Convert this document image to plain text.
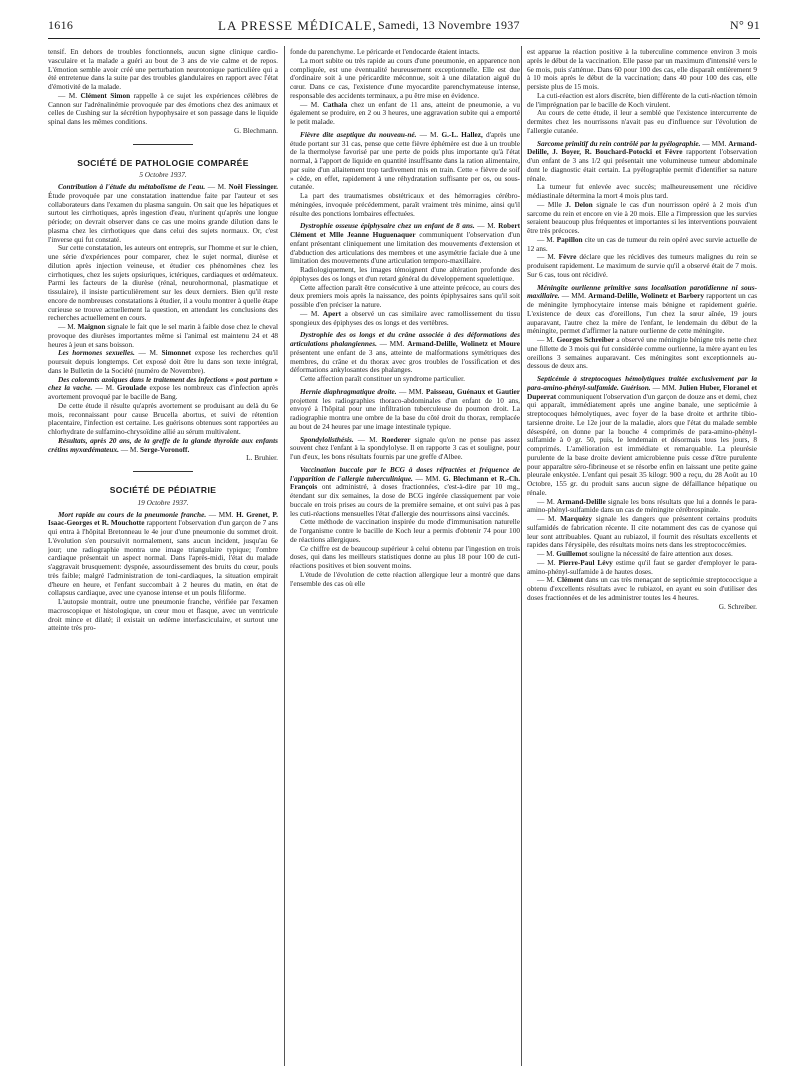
1616	LA PRESSE MÉDICALE, Samedi, 13 Novembre 1937	N° 91

tensif. En dehors de troubles fonctionnels, aucun signe clinique cardio-vasculaire et la malade a guéri au bout de 3 ans de vie calme et de repos. L'émotion semble avoir créé une perturbation neurotonique particulière qui a été entretenue dans la suite par des troubles glandulaires en rapport avec l'état d'émotivité de la malade.

— M. Clément Simon rappelle à ce sujet les expériences célèbres de Cannon sur l'adrénalinémie provoquée par des émotions chez des animaux et celles de Cushing sur la sécrétion hypophysaire et son passage dans le liquide spinal dans les mêmes conditions.

G. Blechmann.

SOCIÉTÉ DE PATHOLOGIE COMPARÉE
5 Octobre 1937.

Contribution à l'étude du métabolisme de l'eau. — M. Noël Fiessinger. Étude provoquée par une constatation inattendue faite par l'auteur et ses collaborateurs dans l'examen du plasma sanguin. On sait que les hépatiques et surtout les cirrhotiques, après ingestion d'eau, n'urinent qu'après une longue période; on devrait observer dans ce cas une moins grande dilution dans le plasma chez les cirrhotiques que dans celui des sujets normaux. Or, c'est l'inverse qui fut constaté.

Sur cette constatation, les auteurs ont entrepris, sur l'homme et sur le chien, une série d'expériences pour comparer, chez le sujet normal, diurèse et dilution après injection veineuse, et étudier ces phénomènes chez les cirrhotiques, chez les sujets opsiuriques, ictériques, cardiaques et œdémateux. Parmi les facteurs de la diurèse (rénal, neurohormonal, plasmatique et tissulaire), il insiste particulièrement sur les deux derniers. Bien qu'il reste encore de nombreuses constatations à étudier, il a voulu montrer à quelle étape curieuse se trouve actuellement la question, en attendant les conclusions des recherches actuellement en cours.

— M. Maignon signale le fait que le sel marin à faible dose chez le cheval provoque des diurèses importantes même si l'animal est maintenu 24 et 48 heures à jeun et sans boisson.

Les hormones sexuelles. — M. Simonnet expose les recherches qu'il poursuit depuis longtemps. Cet exposé doit être lu dans son texte intégral, dans le Bulletin de la Société (numéro de Novembre).

Des colorants azoïques dans le traitement des infections « post partum » chez la vache. — M. Groulade expose les nombreux cas d'infection après avortement provoqué par le bacille de Bang.

De cette étude il résulte qu'après avortement se produisant au delà du 6e mois, reconnaissant pour cause Brucella abortus, et suivi de rétention placentaire, l'infection est certaine. Les guérisons obtenues sont rapportées au chlorhydrate de sulfamino-chrysoïdine allié au sérum multivalent.

Résultats, après 20 ans, de la greffe de la glande thyroïde aux enfants crétins myxœdémateux. — M. Serge-Voronoff.

L. Bruhier.

SOCIÉTÉ DE PÉDIATRIE
19 Octobre 1937.

Mort rapide au cours de la pneumonie franche. — MM. H. Grenet, P. Isaac-Georges et R. Mouchotte rapportent l'observation d'un garçon de 7 ans qui entra à l'hôpital Bretonneau le 4e jour d'une pneumonie du sommet droit. L'évolution s'en poursuivit normalement, sans aucun incident, jusqu'au 6e jour; une radiographie montra une image triangulaire typique; l'ombre cardiaque présentait un aspect normal. Dans l'après-midi, l'état du malade s'aggravait brusquement: dyspnée, assourdissement des bruits du cœur, pouls très faible; malgré l'administration de toni-cardiaques, la situation empirait d'heure en heure, et l'enfant succombait à 2 heures du matin, en état de collapsus cardiaque, avec une cyanose intense et un pouls filiforme.

L'autopsie montrait, outre une pneumonie franche, vérifiée par l'examen macroscopique et histologique, un cœur mou et flasque, avec un ventricule droit mince et dilaté; il existait un œdème interfasciculaire, et surtout une atteinte très pro-

fonde du parenchyme. Le péricarde et l'endocarde étaient intacts.

La mort subite ou très rapide au cours d'une pneumonie, en apparence non compliquée, est une éventualité heureusement exceptionnelle. Elle est due d'ordinaire soit à une péricardite méconnue, soit à une dilatation aiguë du cœur. Dans ce cas, l'existence d'une myocardite parenchymateuse intense, responsable des accidents terminaux, a pu être mise en évidence.

— M. Cathala chez un enfant de 11 ans, atteint de pneumonie, a vu également se produire, en 2 ou 3 heures, une aggravation subite qui a emporté le petit malade.

Fièvre dite aseptique du nouveau-né. — M. G.-L. Hallez, d'après une étude portant sur 31 cas, pense que cette fièvre éphémère est due à un trouble de la thermolyse favorisé par une perte de poids plus importante qu'à l'état normal, à l'apport de liquide en quantité insuffisante dans la ration alimentaire, par suite d'un allaitement trop tardivement mis en train. Cette « fièvre de soif » cède, en effet, rapidement à une réhydratation suffisante per os, ou sous-cutanée.

La part des traumatismes obstétricaux et des hémorragies cérébro-méningées, invoquée précédemment, paraît vraiment très minime, ainsi qu'il résulte des ponctions lombaires effectuées.

Dystrophie osseuse épiphysaire chez un enfant de 8 ans. — M. Robert Clément et Mlle Jeanne Huguenaquer communiquent l'observation d'un enfant présentant cliniquement une limitation des mouvements d'extension et d'abduction des articulations des membres et une asymétrie faciale due à une limitation des mouvements d'une articulation temporo-maxillaire.

Radiologiquement, les images témoignent d'une altération profonde des épiphyses des os longs et d'un retard général du développement squelettique.

Cette affection paraît être consécutive à une atteinte précoce, au cours des deux premiers mois après la naissance, des points épiphysaires sans qu'il soit possible d'en préciser la nature.

— M. Apert a observé un cas similaire avec ramollissement du tissu spongieux des épiphyses des os longs et des vertèbres.

Dystrophie des os longs et du crâne associée à des déformations des articulations phalangiennes. — MM. Armand-Delille, Wolinetz et Moure présentent une enfant de 3 ans, atteinte de malformations symétriques des membres, du crâne et du thorax avec gros troubles de l'ossification et des déformations ankylosantes des phalanges.

Cette affection paraît constituer un syndrome particulier.

Hernie diaphragmatique droite. — MM. Paisseau, Guénaux et Gautier projettent les radiographies thoraco-abdominales d'un enfant de 10 ans, envoyé à l'hôpital pour une infiltration tuberculeuse du poumon droit. La radiographie montra une ombre de la base du côté droit du thorax, remplacée au bout de 24 heures par une image intestinale typique.

Spondylolisthésis. — M. Roederer signale qu'on ne pense pas assez souvent chez l'enfant à la spondylolyse. Il en rapporte 3 cas et souligne, pour l'un d'eux, les bons résultats fournis par une greffe d'Albee.

Vaccination buccale par le BCG à doses réfractées et fréquence de l'apparition de l'allergie tuberculinique. — MM. G. Blechmann et R.-Ch. François ont administré, à doses fractionnées, c'est-à-dire par 10 mg., étendant sur dix semaines, la dose de BCG ingérée classiquement par voie buccale en trois prises au cours de la première semaine, et ont suivi pas à pas les cuti-réactions mensuelles l'état d'allergie des nourrissons ainsi vaccinés.

Cette méthode de vaccination inspirée du mode d'immunisation naturelle de l'organisme contre le bacille de Koch leur a permis d'obtenir 74 pour 100 de réactions allergiques.

Ce chiffre est de beaucoup supérieur à celui obtenu par l'ingestion en trois doses, qui dans les meilleurs statistiques donne au plus 18 pour 100 de cuti-réactions positives et bien souvent moins.

L'étude de l'évolution de cette réaction allergique leur a montré que dans l'ensemble des cas où elle

est apparue la réaction positive à la tuberculine commence environ 3 mois après le début de la vaccination. Elle passe par un maximum d'intensité vers le 6e mois, puis s'atténue. Dans 60 pour 100 des cas, elle disparaît entièrement 9 à 10 mois après le début de la vaccination; dans 40 pour 100 des cas, elle persiste plus de 15 mois.

La cuti-réaction est alors discrète, bien différente de la cuti-réaction témoin de l'imprégnation par le bacille de Koch virulent.

Au cours de cette étude, il leur a semblé que l'existence intercurrente de dermites chez les nourrissons n'avait pas eu d'influence sur l'évolution de l'allergie cutanée.

Sarcome primitif du rein contrôlé par la pyélographie. — MM. Armand-Delille, J. Boyer, R. Bouchard-Potocki et Fèvre rapportent l'observation d'un enfant de 3 ans 1/2 qui présentait une volumineuse tumeur abdominale dont le diagnostic était certain. La pyélographie permit d'identifier sa nature rénale.

La tumeur fut enlevée avec succès; malheureusement une récidive médiastinale détermina la mort 4 mois plus tard.

— Mlle J. Delon signale le cas d'un nourrisson opéré à 2 mois d'un sarcome du rein et encore en vie à 20 mois. Elle a l'impression que les survies seraient beaucoup plus fréquentes et importantes si les interventions pouvaient être très précoces.

— M. Papillon cite un cas de tumeur du rein opéré avec survie actuelle de 12 ans.

— M. Fèvre déclare que les récidives des tumeurs malignes du rein se produisent rapidement. Le maximum de survie qu'il a observé était de 7 mois. Sur 6 cas, tous ont récidivé.

Méningite ourlienne primitive sans localisation parotidienne ni sous-maxillaire. — MM. Armand-Delille, Wolinetz et Barbery rapportent un cas de méningite lymphocytaire intense mais bénigne et rapidement guérie. L'existence de deux cas d'oreillons, l'un chez la sœur aînée, 19 jours auparavant, l'autre chez la mère de l'enfant, le lendemain du début de la méningite, permet d'affirmer la nature ourlienne de cette méningite.

— M. Georges Schreiber a observé une méningite bénigne très nette chez une fillette de 3 mois qui fut considérée comme ourlienne, la mère ayant eu les oreillons 3 semaines auparavant. Ces méningites sont exceptionnels au-dessous de deux ans.

Septicémie à streptocoques hémolytiques traitée exclusivement par la para-amino-phényl-sulfamide. Guérison. — MM. Julien Huber, Floranel et Duperrat communiquent l'observation d'un garçon de douze ans et demi, chez qui apparaît, immédiatement après une angine banale, une septicémie à streptocoques hémolytiques, avec foyer de la base droite et arthrite tibio-tarsienne droite. Le 12e jour de la maladie, alors que l'état du malade semble désespéré, on donne par la bouche 4 comprimés de para-amino-phényl-sulfamide à 0 gr. 50, puis, le lendemain et désormais tous les jours, 8 comprimés. L'amélioration est immédiate et remarquable. La pleurésie purulente de la base droite devient amicrobienne puis cesse d'être purulente pour apparaître séro-fibrineuse et se résorbe enfin en laissant une petite gaine pleurale enkystée. L'enfant qui pesait 35 kilogr. 900 a reçu, du 28 Août au 10 Octobre, 155 gr. du produit sans aucun signe de défaillance hépatique ou rénale.

— M. Armand-Delille signale les bons résultats que lui a donnés le para-amino-phényl-sulfamide dans un cas de méningite cérébrospinale.

— M. Marquézy signale les dangers que présentent certains produits sulfamidés de fabrication récente. Il cite notamment des cas de cyanose qui leur sont attribuables. Quant au rubiazol, il fournit des résultats excellents et rapides dans l'érysipèle, des résultats moins nets dans les streptococcémies.

— M. Guillemot souligne la nécessité de faire attention aux doses.

— M. Pierre-Paul Lévy estime qu'il faut se garder d'employer le para-amino-phényl-sulfamide à de hautes doses.

— M. Clément dans un cas très menaçant de septicémie streptococcique a obtenu d'excellents résultats avec le rubiazol, en ayant eu soin d'utiliser des doses fractionnées et de les administrer toutes les 4 heures.

G. Schreiber.
